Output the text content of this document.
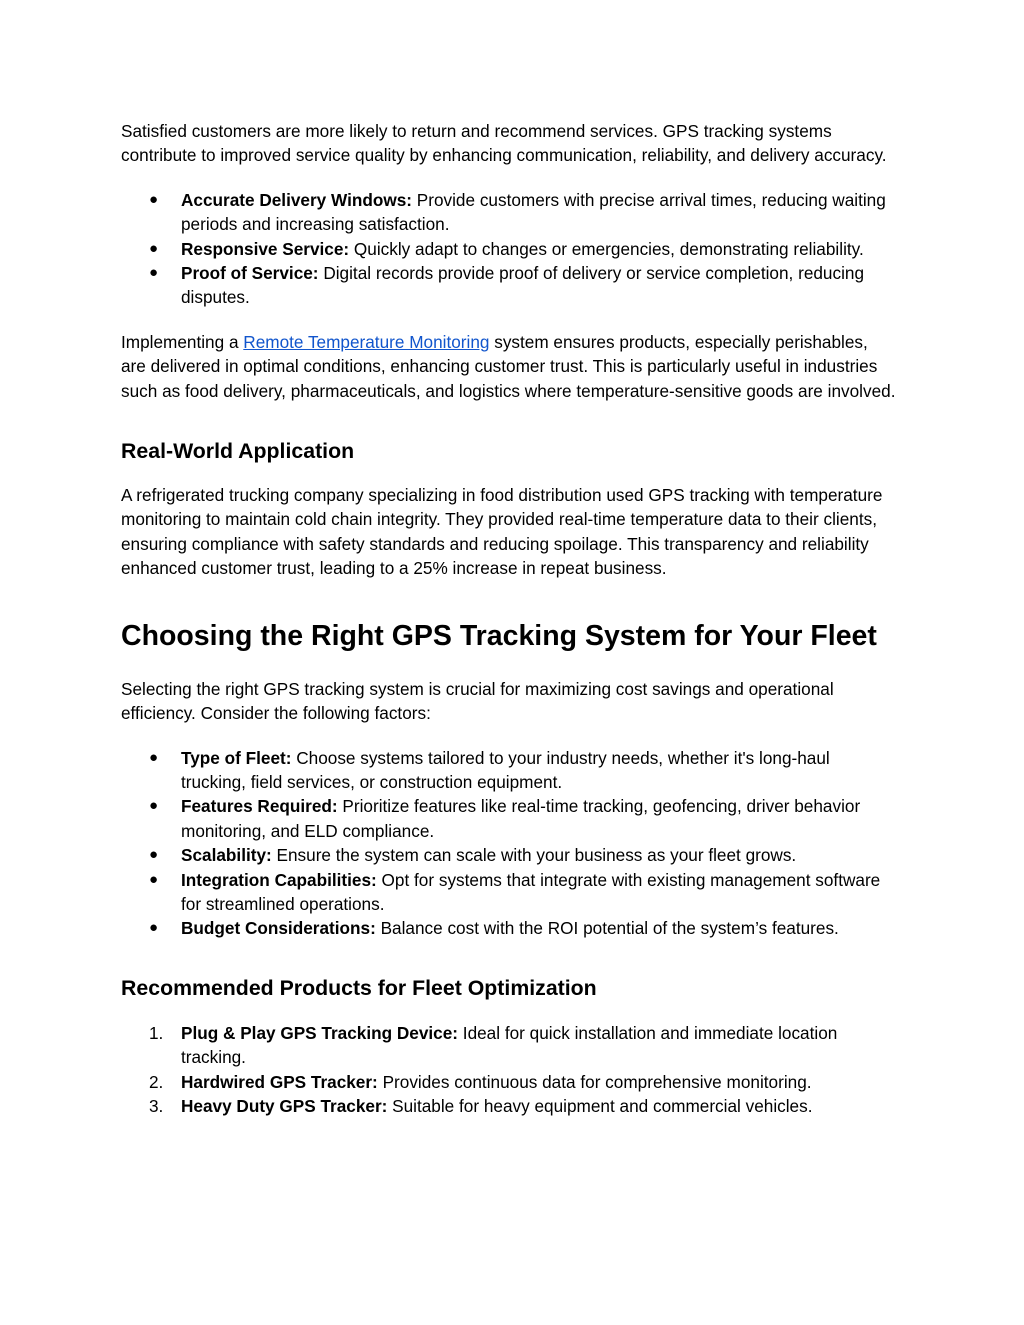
Satisfied customers are more likely to return and recommend services. GPS tracking systems contribute to improved service quality by enhancing communication, reliability, and delivery accuracy.

● Accurate Delivery Windows: Provide customers with precise arrival times, reducing waiting periods and increasing satisfaction.
● Responsive Service: Quickly adapt to changes or emergencies, demonstrating reliability.
● Proof of Service: Digital records provide proof of delivery or service completion, reducing disputes.

Implementing a Remote Temperature Monitoring system ensures products, especially perishables, are delivered in optimal conditions, enhancing customer trust. This is particularly useful in industries such as food delivery, pharmaceuticals, and logistics where temperature-sensitive goods are involved.

Real-World Application

A refrigerated trucking company specializing in food distribution used GPS tracking with temperature monitoring to maintain cold chain integrity. They provided real-time temperature data to their clients, ensuring compliance with safety standards and reducing spoilage. This transparency and reliability enhanced customer trust, leading to a 25% increase in repeat business.

Choosing the Right GPS Tracking System for Your Fleet

Selecting the right GPS tracking system is crucial for maximizing cost savings and operational efficiency. Consider the following factors:

● Type of Fleet: Choose systems tailored to your industry needs, whether it's long-haul trucking, field services, or construction equipment.
● Features Required: Prioritize features like real-time tracking, geofencing, driver behavior monitoring, and ELD compliance.
● Scalability: Ensure the system can scale with your business as your fleet grows.
● Integration Capabilities: Opt for systems that integrate with existing management software for streamlined operations.
● Budget Considerations: Balance cost with the ROI potential of the system’s features.
Recommended Products for Fleet Optimization
1. Plug & Play GPS Tracking Device: Ideal for quick installation and immediate location tracking.
2. Hardwired GPS Tracker: Provides continuous data for comprehensive monitoring.
3. Heavy Duty GPS Tracker: Suitable for heavy equipment and commercial vehicles.
